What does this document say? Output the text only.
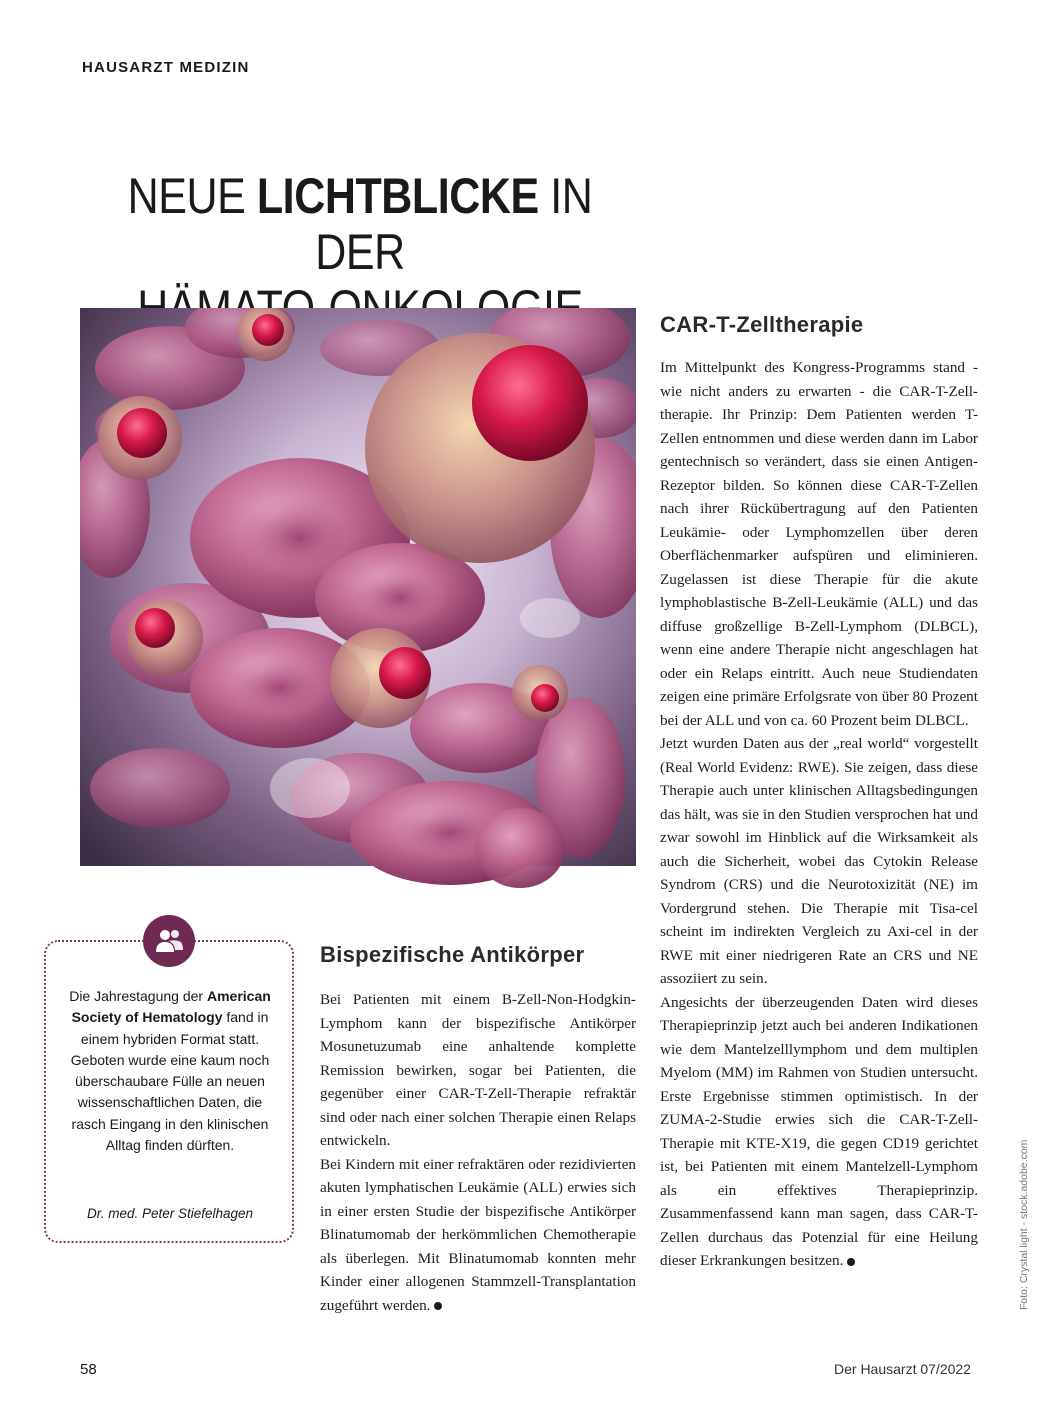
HAUSARZT MEDIZIN
NEUE LICHTBLICKE IN DER

CAR-T-Zelltherapie

Im Mittelpunkt des Kongress-Programms stand - wie nicht anders zu erwarten - die CAR-T-Zell-therapie. Ihr Prinzip: Dem Patienten werden T-Zellen entnommen und diese werden dann im Labor gentechnisch so verändert, dass sie einen Antigen-Rezeptor bilden. So können diese CAR-T-Zellen nach ihrer Rückübertragung auf den Patienten Leukämie- oder Lymphomzellen über deren Oberflächenmarker aufspüren und eliminieren. Zugelassen ist diese Therapie für die akute lymphoblastische B-Zell-Leukämie (ALL) und das diffuse großzellige B-Zell-Lymphom (DLBCL), wenn eine andere Therapie nicht angeschlagen hat oder ein Relaps eintritt. Auch neue Studiendaten zeigen eine primäre Erfolgsrate von über 80 Prozent bei der ALL und von ca. 60 Prozent beim DLBCL.

Jetzt wurden Daten aus der „real world“ vorgestellt (Real World Evidenz: RWE). Sie zeigen, dass diese Therapie auch unter klinischen Alltagsbedingungen das hält, was sie in den Studien versprochen hat und zwar sowohl im Hinblick auf die Wirksamkeit als auch die Sicherheit, wobei das Cytokin Release Syndrom (CRS) und die Neurotoxizität (NE) im Vordergrund stehen. Die Therapie mit Tisa-cel scheint im indirekten Vergleich zu Axi-cel in der RWE mit einer niedrigeren Rate an CRS und NE assoziiert zu sein.

Angesichts der überzeugenden Daten wird dieses Therapieprinzip jetzt auch bei anderen Indikationen wie dem Mantelzelllymphom und dem multiplen Myelom (MM) im Rahmen von Studien untersucht. Erste Ergebnisse stimmen optimistisch. In der ZUMA-2-Studie erwies sich die CAR-T-Zell-Therapie mit KTE-X19, die gegen CD19 gerichtet ist, bei Patienten mit einem Mantelzell-Lymphom als ein effektives Therapieprinzip. Zusammenfassend kann man sagen, dass CAR-T-Zellen durchaus das Potenzial für eine Heilung dieser Erkrankungen besitzen.

Die Jahrestagung der American Society of Hematology fand in einem hybriden Format statt. Geboten wurde eine kaum noch überschaubare Fülle an neuen wissenschaftlichen Daten, die rasch Eingang in den klinischen Alltag finden dürften.
Dr. med. Peter Stiefelhagen
Bispezifische Antikörper

Bei Patienten mit einem B-Zell-Non-Hodgkin-Lymphom kann der bispezifische Antikörper Mosunetuzumab eine anhaltende komplette Remission bewirken, sogar bei Patienten, die gegenüber einer CAR-T-Zell-Therapie refraktär sind oder nach einer solchen Therapie einen Relaps entwickeln.

Bei Kindern mit einer refraktären oder rezidivierten akuten lymphatischen Leukämie (ALL) erwies sich in einer ersten Studie der bispezifische Antikörper Blinatumomab der herkömmlichen Chemotherapie als überlegen. Mit Blinatumomab konnten mehr Kinder einer allogenen Stammzell-Transplantation zugeführt werden.	Foto: Crystal light - stock.adobe.com
58	Der Hausarzt 07/2022
